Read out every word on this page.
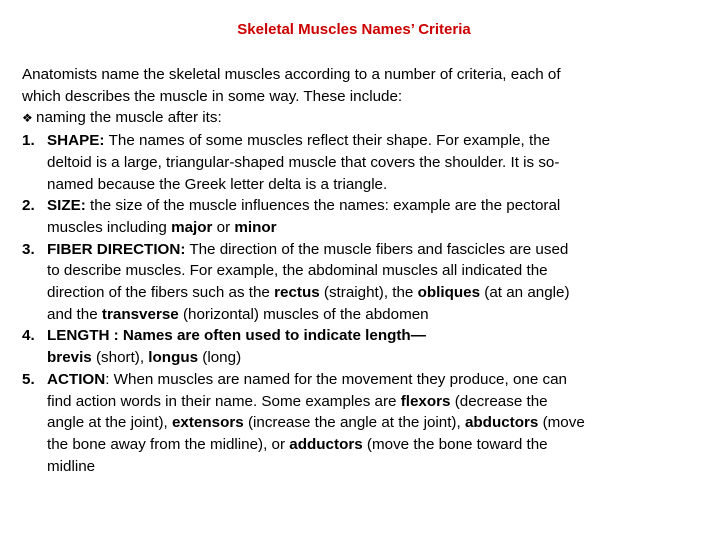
Skeletal Muscles Names’ Criteria
Anatomists name the skeletal muscles according to a number of criteria, each of
which describes the muscle in some way. These include:
❖ naming the muscle after its:
1. SHAPE: The names of some muscles reflect their shape. For example, the
deltoid is a large, triangular-shaped muscle that covers the shoulder. It is so-
named because the Greek letter delta is a triangle.
2. SIZE: the size of the muscle influences the names: example are the pectoral
muscles including major or minor
3. FIBER DIRECTION: The direction of the muscle fibers and fascicles are used
to describe muscles. For example, the abdominal muscles all indicated the
direction of the fibers such as the rectus (straight), the obliques (at an angle)
and the transverse (horizontal) muscles of the abdomen
4. LENGTH : Names are often used to indicate length—
brevis (short), longus (long)
5. ACTION: When muscles are named for the movement they produce, one can
find action words in their name. Some examples are flexors (decrease the
angle at the joint), extensors (increase the angle at the joint), abductors (move
the bone away from the midline), or adductors (move the bone toward the
midline
